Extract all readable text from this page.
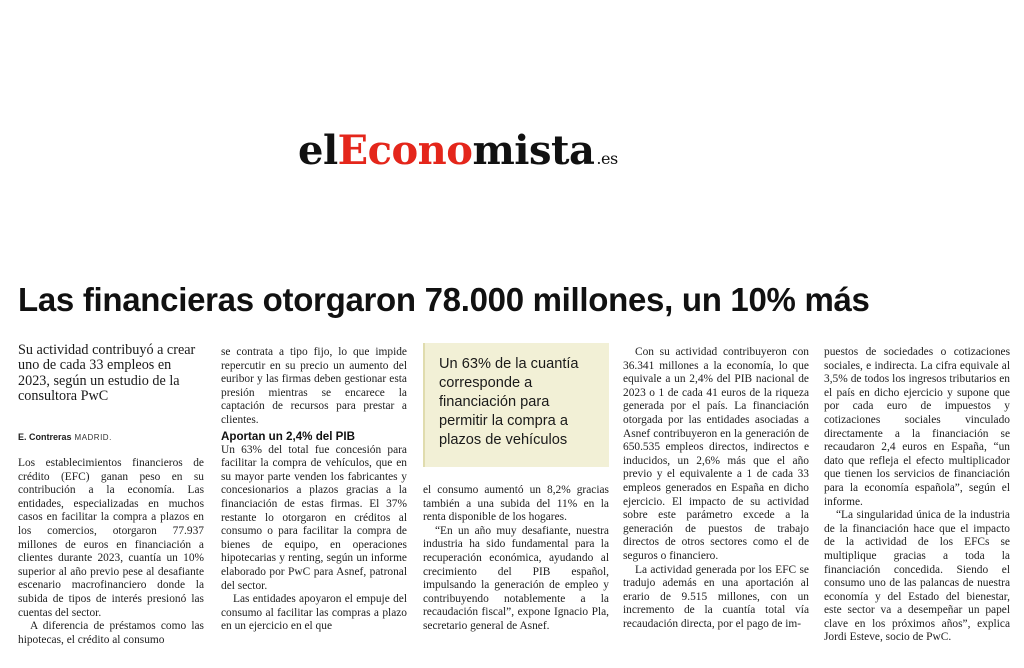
elEconomista .es
Las financieras otorgaron 78.000 millones, un 10% más
Su actividad contribuyó a crear uno de cada 33 empleos en 2023, según un estudio de la consultora PwC
E. Contreras MADRID.

Los establecimientos financieros de crédito (EFC) ganan peso en su contribución a la economía. Las entidades, especializadas en muchos casos en facilitar la compra a plazos en los comercios, otorgaron 77.937 millones de euros en financiación a clientes durante 2023, cuantía un 10% superior al año previo pese al desafiante escenario macrofinanciero donde la subida de tipos de interés presionó las cuentas del sector.

A diferencia de préstamos como las hipotecas, el crédito al consumo

se contrata a tipo fijo, lo que impide repercutir en su precio un aumento del euribor y las firmas deben gestionar esta presión mientras se encarece la captación de recursos para prestar a clientes.

Aportan un 2,4% del PIB

Un 63% del total fue concesión para facilitar la compra de vehículos, que en su mayor parte venden los fabricantes y concesionarios a plazos gracias a la financiación de estas firmas. El 37% restante lo otorgaron en créditos al consumo o para facilitar la compra de bienes de equipo, en operaciones hipotecarias y renting, según un informe elaborado por PwC para Asnef, patronal del sector.

Las entidades apoyaron el empuje del consumo al facilitar las compras a plazo en un ejercicio en el que

Un 63% de la cuantía corresponde a financiación para permitir la compra a plazos de vehículos

el consumo aumentó un 8,2% gracias también a una subida del 11% en la renta disponible de los hogares.

“En un año muy desafiante, nuestra industria ha sido fundamental para la recuperación económica, ayudando al crecimiento del PIB español, impulsando la generación de empleo y contribuyendo notablemente a la recaudación fiscal”, expone Ignacio Pla, secretario general de Asnef.

Con su actividad contribuyeron con 36.341 millones a la economía, lo que equivale a un 2,4% del PIB nacional de 2023 o 1 de cada 41 euros de la riqueza generada por el país. La financiación otorgada por las entidades asociadas a Asnef contribuyeron en la generación de 650.535 empleos directos, indirectos e inducidos, un 2,6% más que el año previo y el equivalente a 1 de cada 33 empleos generados en España en dicho ejercicio. El impacto de su actividad sobre este parámetro excede a la generación de puestos de trabajo directos de otros sectores como el de seguros o financiero.

La actividad generada por los EFC se tradujo además en una aportación al erario de 9.515 millones, con un incremento de la cuantía total vía recaudación directa, por el pago de im-

puestos de sociedades o cotizaciones sociales, e indirecta. La cifra equivale al 3,5% de todos los ingresos tributarios en el país en dicho ejercicio y supone que por cada euro de impuestos y cotizaciones sociales vinculado directamente a la financiación se recaudaron 2,4 euros en España, “un dato que refleja el efecto multiplicador que tienen los servicios de financiación para la economía española”, según el informe.

“La singularidad única de la industria de la financiación hace que el impacto de la actividad de los EFCs se multiplique gracias a toda la financiación concedida. Siendo el consumo uno de las palancas de nuestra economía y del Estado del bienestar, este sector va a desempeñar un papel clave en los próximos años”, explica Jordi Esteve, socio de PwC.
